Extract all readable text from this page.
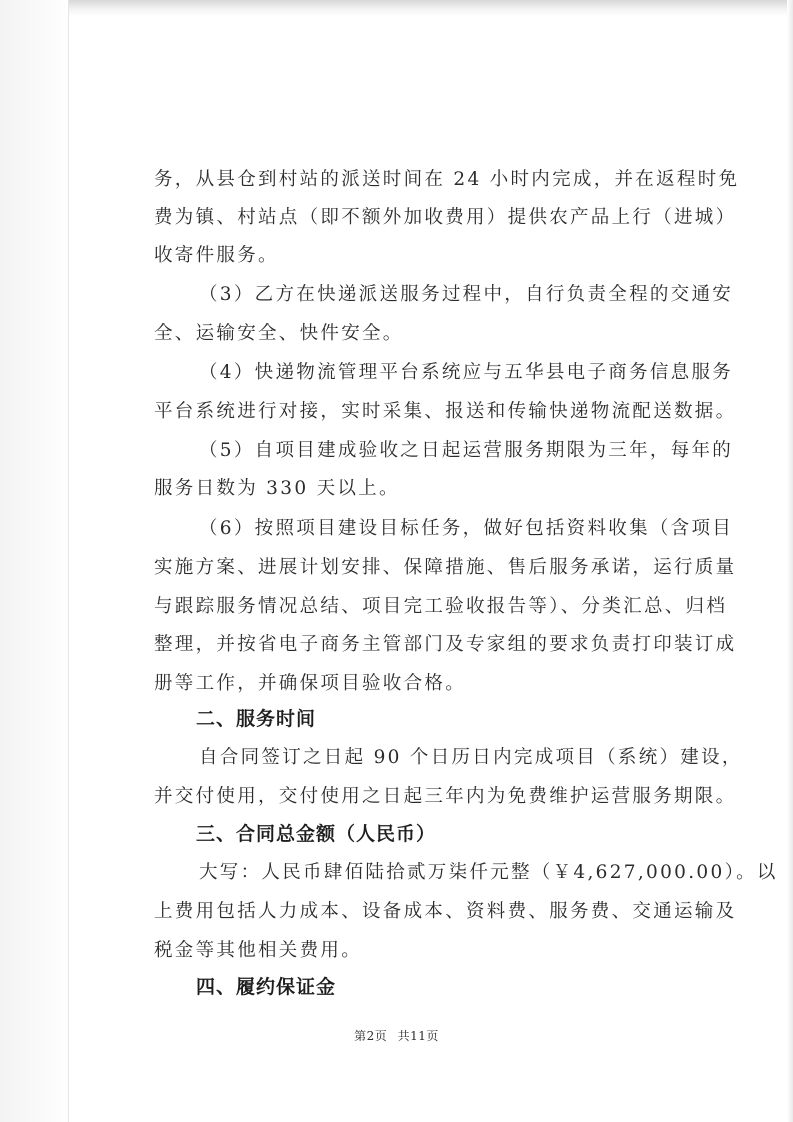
务，从县仓到村站的派送时间在 24 小时内完成，并在返程时免
费为镇、村站点（即不额外加收费用）提供农产品上行（进城）
收寄件服务。
（3）乙方在快递派送服务过程中，自行负责全程的交通安
全、运输安全、快件安全。
（4）快递物流管理平台系统应与五华县电子商务信息服务
平台系统进行对接，实时采集、报送和传输快递物流配送数据。
（5）自项目建成验收之日起运营服务期限为三年，每年的
服务日数为 330 天以上。
（6）按照项目建设目标任务，做好包括资料收集（含项目
实施方案、进展计划安排、保障措施、售后服务承诺，运行质量
与跟踪服务情况总结、项目完工验收报告等）、分类汇总、归档
整理，并按省电子商务主管部门及专家组的要求负责打印装订成
册等工作，并确保项目验收合格。
二、服务时间
自合同签订之日起 90 个日历日内完成项目（系统）建设，
并交付使用，交付使用之日起三年内为免费维护运营服务期限。
三、合同总金额（人民币）
大写：人民币肆佰陆拾贰万柒仟元整（￥4,627,000.00）。以
上费用包括人力成本、设备成本、资料费、服务费、交通运输及
税金等其他相关费用。
四、履约保证金
第2页 共11页
